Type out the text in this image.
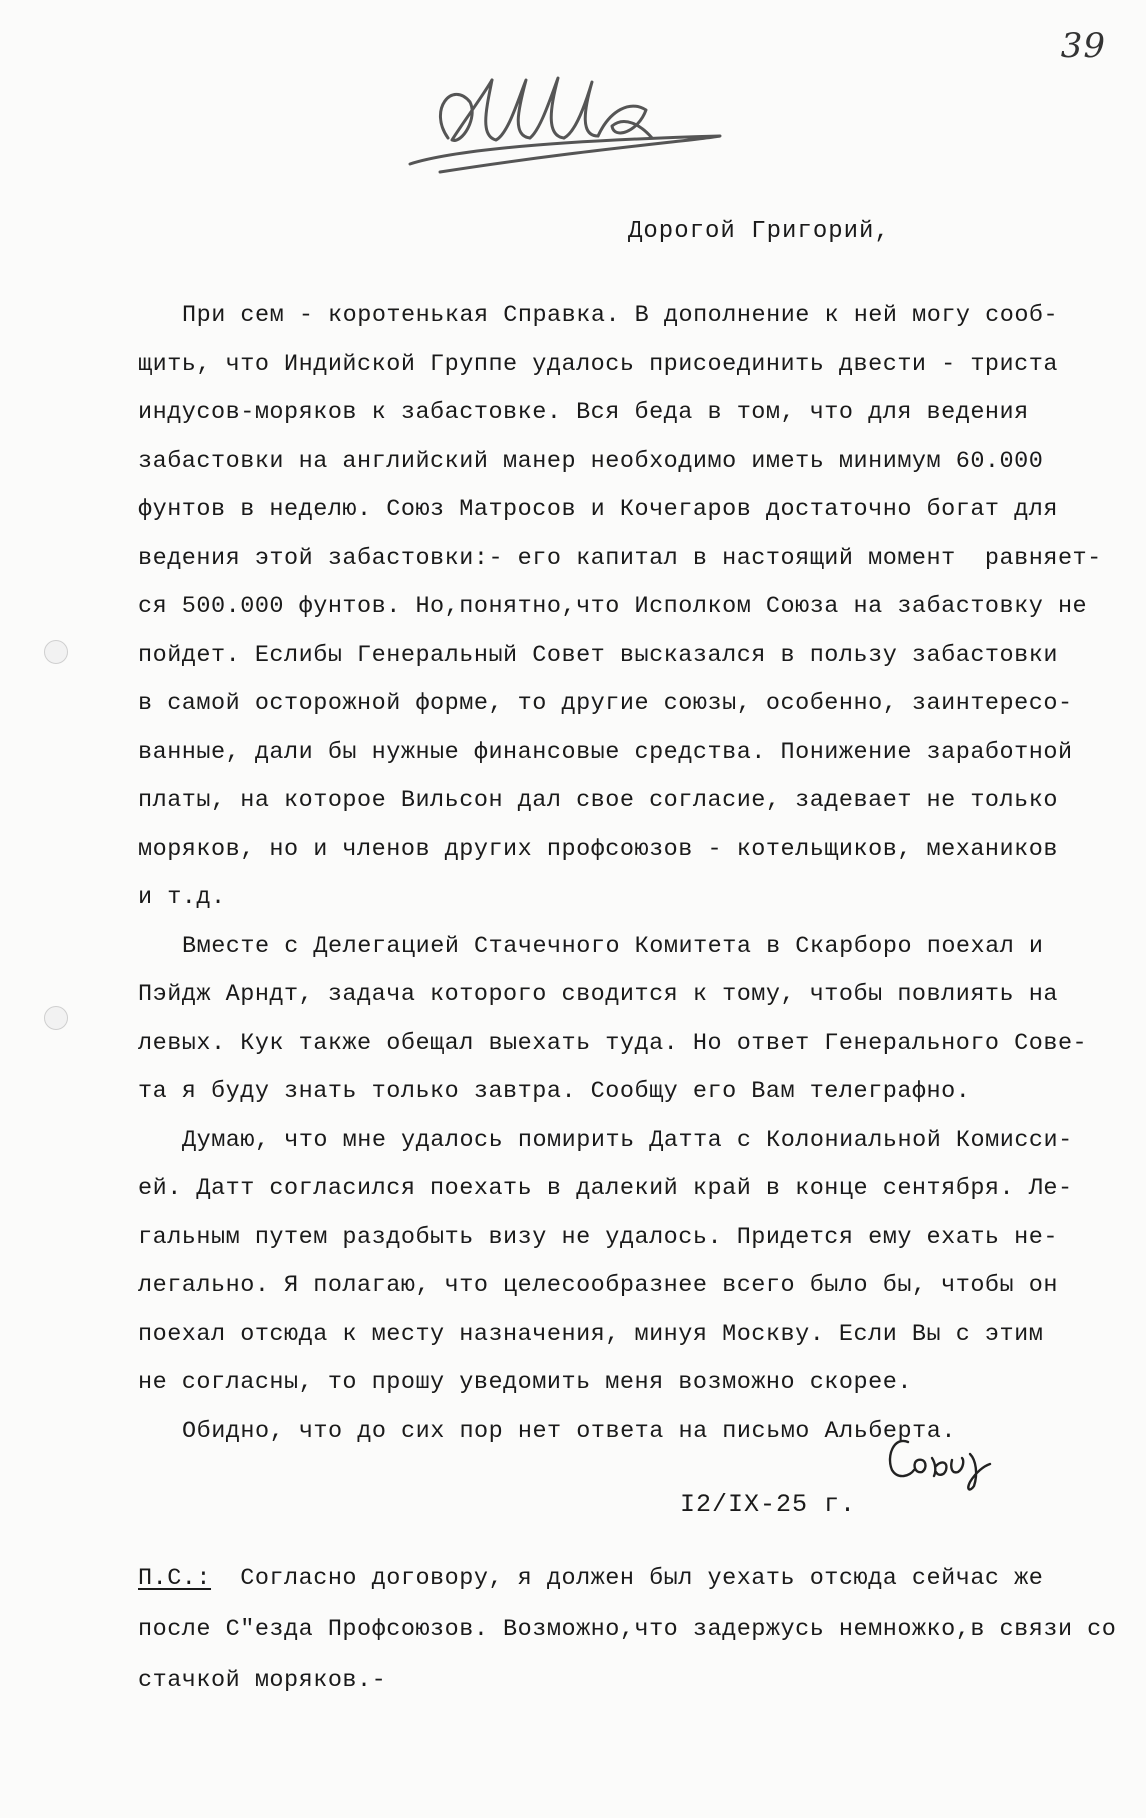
39
Дорогой Григорий,
При сем - коротенькая Справка. В дополнение к ней могу сооб-
щить, что Индийской Группе удалось присоединить двести - триста
индусов-моряков к забастовке. Вся беда в том, что для ведения
забастовки на английский манер необходимо иметь минимум 60.000
фунтов в неделю. Союз Матросов и Кочегаров достаточно богат для
ведения этой забастовки:- его капитал в настоящий момент  равняет-
ся 500.000 фунтов. Но,понятно,что Исполком Союза на забастовку не
пойдет. Еслибы Генеральный Совет высказался в пользу забастовки
в самой осторожной форме, то другие союзы, особенно, заинтересо-
ванные, дали бы нужные финансовые средства. Понижение заработной
платы, на которое Вильсон дал свое согласие, задевает не только
моряков, но и членов других профсоюзов - котельщиков, механиков
и т.д.
Вместе с Делегацией Стачечного Комитета в Скарборо поехал и
Пэйдж Арндт, задача которого сводится к тому, чтобы повлиять на
левых. Кук также обещал выехать туда. Но ответ Генерального Сове-
та я буду знать только завтра. Сообщу его Вам телеграфно.
Думаю, что мне удалось помирить Датта с Колониальной Комисси-
ей. Датт согласился поехать в далекий край в конце сентября. Ле-
гальным путем раздобыть визу не удалось. Придется ему ехать не-
легально. Я полагаю, что целесообразнее всего было бы, чтобы он
поехал отсюда к месту назначения, минуя Москву. Если Вы с этим
не согласны, то прошу уведомить меня возможно скорее.
Обидно, что до сих пор нет ответа на письмо Альберта.
I2/IX-25 г.
П.С.:  Согласно договору, я должен был уехать отсюда сейчас же
после С"езда Профсоюзов. Возможно,что задержусь немножко,в связи со
стачкой моряков.-
